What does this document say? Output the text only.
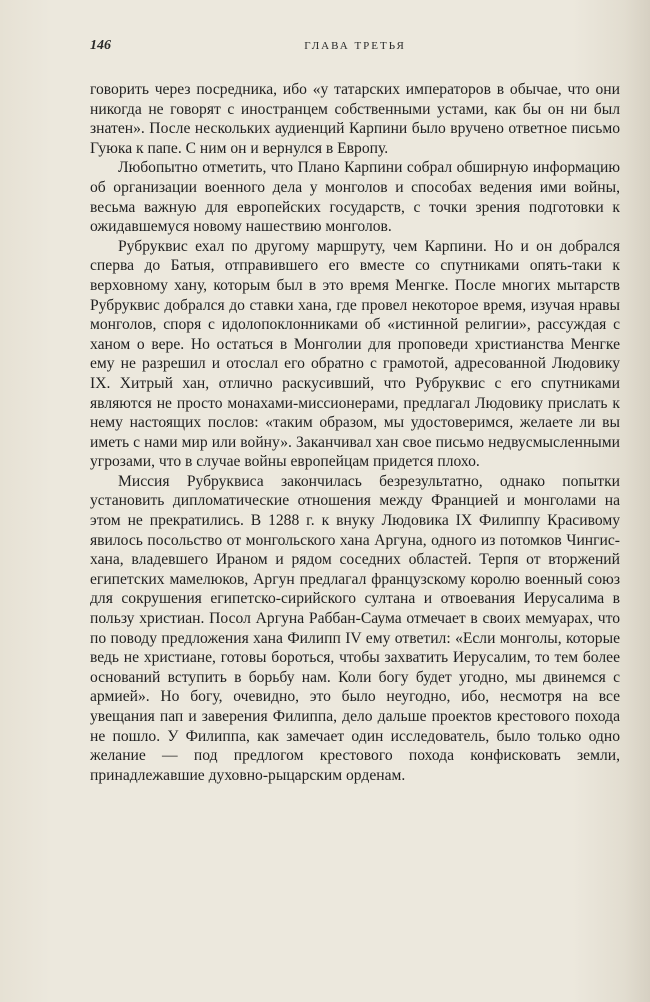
146	ГЛАВА ТРЕТЬЯ

говорить через посредника, ибо «у татарских императоров в обычае, что они никогда не говорят с иностранцем собственными устами, как бы он ни был знатен». После нескольких аудиенций Карпини было вручено ответное письмо Гуюка к папе. С ним он и вернулся в Европу.

Любопытно отметить, что Плано Карпини собрал обширную информацию об организации военного дела у монголов и способах ведения ими войны, весьма важную для европейских государств, с точки зрения подготовки к ожидавшемуся новому нашествию монголов.

Рубруквис ехал по другому маршруту, чем Карпини. Но и он добрался сперва до Батыя, отправившего его вместе со спутниками опять-таки к верховному хану, которым был в это время Менгке. После многих мытарств Рубруквис добрался до ставки хана, где провел некоторое время, изучая нравы монголов, споря с идолопоклонниками об «истинной религии», рассуждая с ханом о вере. Но остаться в Монголии для проповеди христианства Менгке ему не разрешил и отослал его обратно с грамотой, адресованной Людовику IX. Хитрый хан, отлично раскусивший, что Рубруквис с его спутниками являются не просто монахами-миссионерами, предлагал Людовику прислать к нему настоящих послов: «таким образом, мы удостоверимся, желаете ли вы иметь с нами мир или войну». Заканчивал хан свое письмо недвусмысленными угрозами, что в случае войны европейцам придется плохо.

Миссия Рубруквиса закончилась безрезультатно, однако попытки установить дипломатические отношения между Францией и монголами на этом не прекратились. В 1288 г. к внуку Людовика IX Филиппу Красивому явилось посольство от монгольского хана Аргуна, одного из потомков Чингис-хана, владевшего Ираном и рядом соседних областей. Терпя от вторжений египетских мамелюков, Аргун предлагал французскому королю военный союз для сокрушения египетско-сирийского султана и отвоевания Иерусалима в пользу христиан. Посол Аргуна Раббан-Саума отмечает в своих мемуарах, что по поводу предложения хана Филипп IV ему ответил: «Если монголы, которые ведь не христиане, готовы бороться, чтобы захватить Иерусалим, то тем более оснований вступить в борьбу нам. Коли богу будет угодно, мы двинемся с армией». Но богу, очевидно, это было неугодно, ибо, несмотря на все увещания пап и заверения Филиппа, дело дальше проектов крестового похода не пошло. У Филиппа, как замечает один исследователь, было только одно желание — под предлогом крестового похода конфисковать земли, принадлежавшие духовно-рыцарским орденам.
